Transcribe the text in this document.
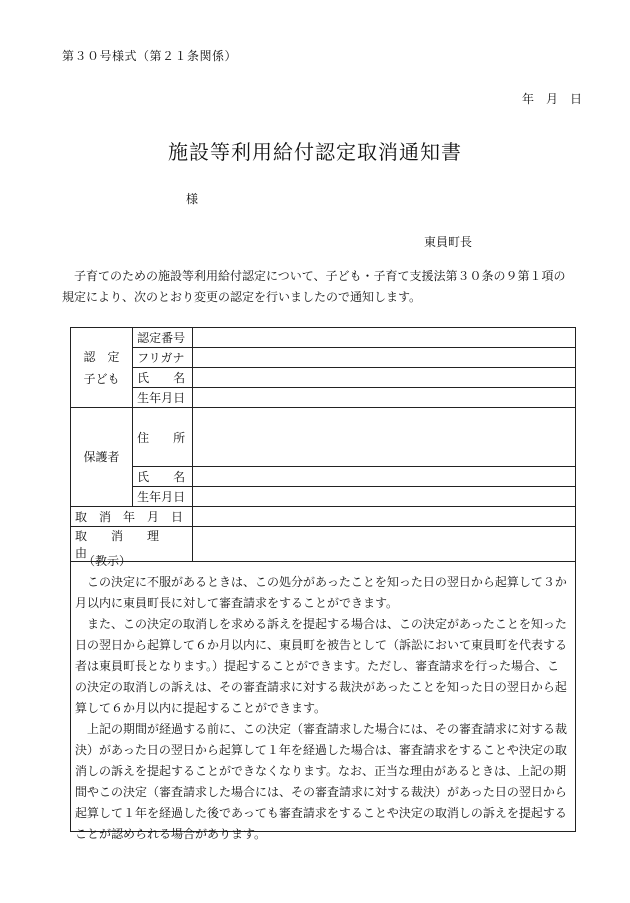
第３０号様式（第２１条関係）
年　月　日
施設等利用給付認定取消通知書
様
東員町長
子育てのための施設等利用給付認定について、子ども・子育て支援法第３０条の９第１項の規定により、次のとおり変更の認定を行いましたので通知します。
認　定
子ども	認定番号	
	フリガナ	
	氏　　名	
	生年月日	
保護者	住　　所	
	氏　　名	
	生年月日	
取　消　年　月　日		
取　　消　　理　　由		
（教示）

この決定に不服があるときは、この処分があったことを知った日の翌日から起算して３か月以内に東員町長に対して審査請求をすることができます。

また、この決定の取消しを求める訴えを提起する場合は、この決定があったことを知った日の翌日から起算して６か月以内に、東員町を被告として（訴訟において東員町を代表する者は東員町長となります。）提起することができます。ただし、審査請求を行った場合、この決定の取消しの訴えは、その審査請求に対する裁決があったことを知った日の翌日から起算して６か月以内に提起することができます。

上記の期間が経過する前に、この決定（審査請求した場合には、その審査請求に対する裁決）があった日の翌日から起算して１年を経過した場合は、審査請求をすることや決定の取消しの訴えを提起することができなくなります。なお、正当な理由があるときは、上記の期間やこの決定（審査請求した場合には、その審査請求に対する裁決）があった日の翌日から起算して１年を経過した後であっても審査請求をすることや決定の取消しの訴えを提起することが認められる場合があります。
